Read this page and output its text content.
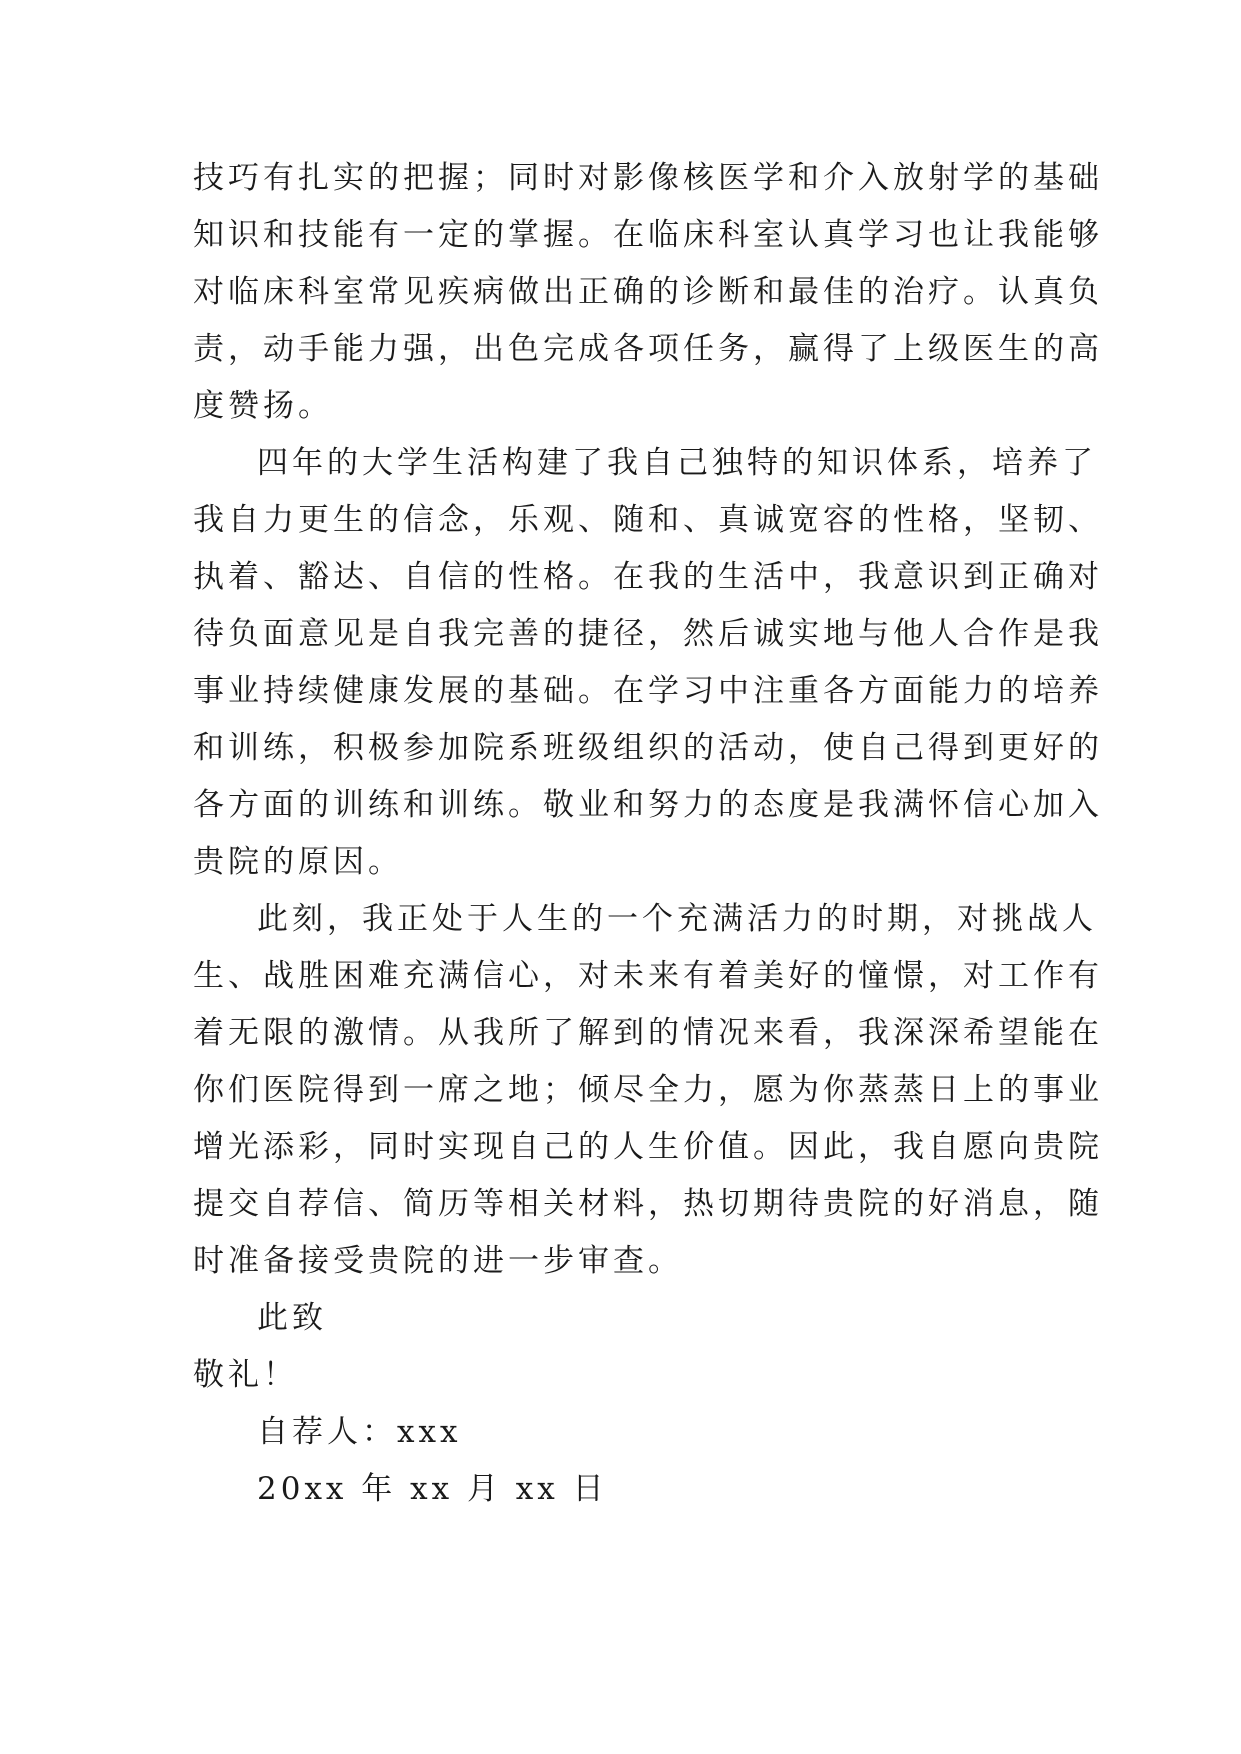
技巧有扎实的把握；同时对影像核医学和介入放射学的基础
知识和技能有一定的掌握。在临床科室认真学习也让我能够
对临床科室常见疾病做出正确的诊断和最佳的治疗。认真负
责，动手能力强，出色完成各项任务，赢得了上级医生的高
度赞扬。
四年的大学生活构建了我自己独特的知识体系，培养了
我自力更生的信念，乐观、随和、真诚宽容的性格，坚韧、
执着、豁达、自信的性格。在我的生活中，我意识到正确对
待负面意见是自我完善的捷径，然后诚实地与他人合作是我
事业持续健康发展的基础。在学习中注重各方面能力的培养
和训练，积极参加院系班级组织的活动，使自己得到更好的
各方面的训练和训练。敬业和努力的态度是我满怀信心加入
贵院的原因。
此刻，我正处于人生的一个充满活力的时期，对挑战人
生、战胜困难充满信心，对未来有着美好的憧憬，对工作有
着无限的激情。从我所了解到的情况来看，我深深希望能在
你们医院得到一席之地；倾尽全力，愿为你蒸蒸日上的事业
增光添彩，同时实现自己的人生价值。因此，我自愿向贵院
提交自荐信、简历等相关材料，热切期待贵院的好消息，随
时准备接受贵院的进一步审查。
此致
敬礼！
自荐人：xxx
20xx 年 xx 月 xx 日
